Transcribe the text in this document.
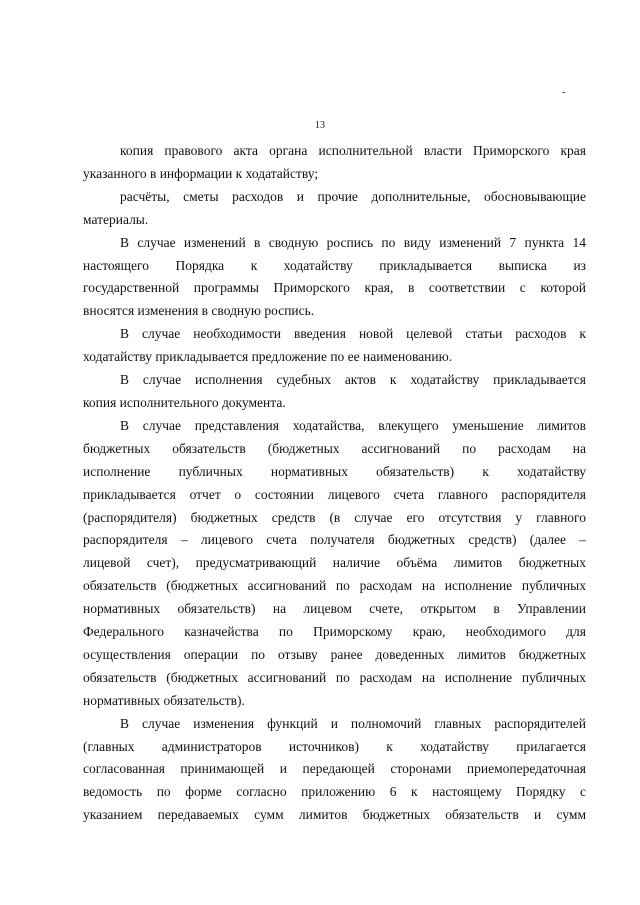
-
13
копия правового акта органа исполнительной власти Приморского края
указанного в информации к ходатайству;
расчёты, сметы расходов и прочие дополнительные, обосновывающие
материалы.
В случае изменений в сводную роспись по виду изменений 7 пункта 14
настоящего Порядка к ходатайству прикладывается выписка из
государственной программы Приморского края, в соответствии с которой
вносятся изменения в сводную роспись.
В случае необходимости введения новой целевой статьи расходов к
ходатайству прикладывается предложение по ее наименованию.
В случае исполнения судебных актов к ходатайству прикладывается
копия исполнительного документа.
В случае представления ходатайства, влекущего уменьшение лимитов
бюджетных обязательств (бюджетных ассигнований по расходам на
исполнение публичных нормативных обязательств) к ходатайству
прикладывается отчет о состоянии лицевого счета главного распорядителя
(распорядителя) бюджетных средств (в случае его отсутствия у главного
распорядителя – лицевого счета получателя бюджетных средств) (далее –
лицевой счет), предусматривающий наличие объёма лимитов бюджетных
обязательств (бюджетных ассигнований по расходам на исполнение публичных
нормативных обязательств) на лицевом счете, открытом в Управлении
Федерального казначейства по Приморскому краю, необходимого для
осуществления операции по отзыву ранее доведенных лимитов бюджетных
обязательств (бюджетных ассигнований по расходам на исполнение публичных
нормативных обязательств).
В случае изменения функций и полномочий главных распорядителей
(главных администраторов источников) к ходатайству прилагается
согласованная принимающей и передающей сторонами приемопередаточная
ведомость по форме согласно приложению 6 к настоящему Порядку с
указанием передаваемых сумм лимитов бюджетных обязательств и сумм
